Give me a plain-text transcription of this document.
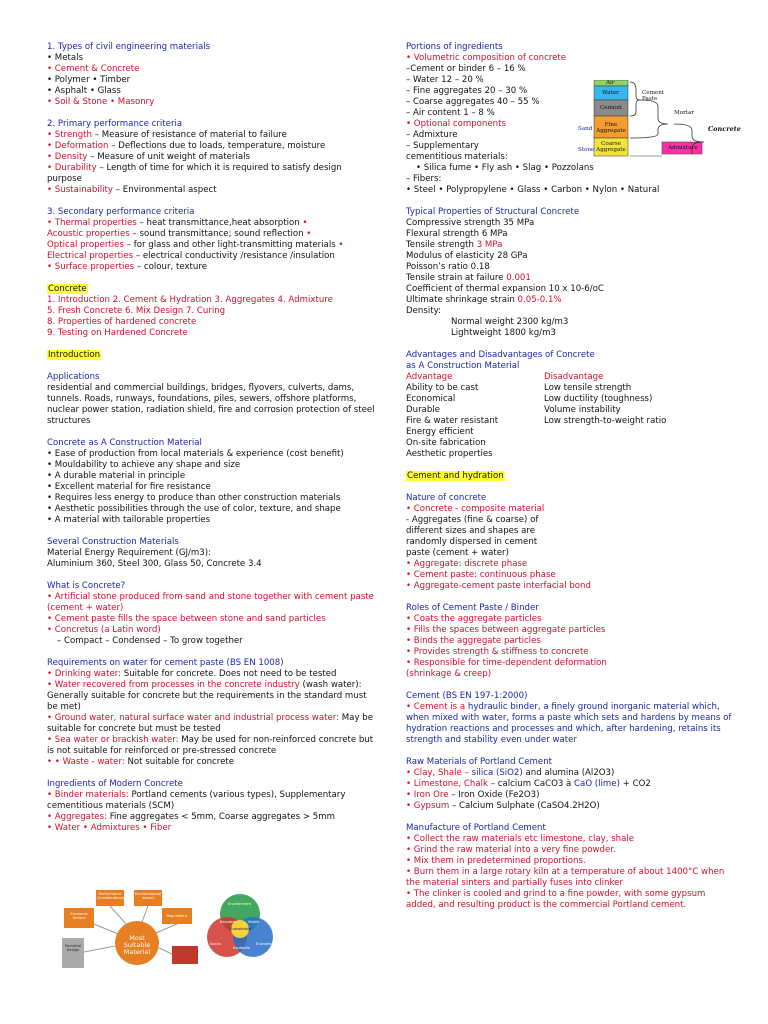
1. Types of civil engineering materials
• Metals
• Cement & Concrete
• Polymer • Timber
• Asphalt • Glass
• Soil & Stone • Masonry
2. Primary performance criteria
• Strength – Measure of resistance of material to failure
• Deformation – Deflections due to loads, temperature, moisture
• Density – Measure of unit weight of materials
• Durability – Length of time for which it is required to satisfy design purpose
• Sustainability – Environmental aspect
3. Secondary performance criteria
• Thermal properties – heat transmittance,heat absorption •
Acoustic properties – sound transmittance; sound reflection •
Optical properties – for glass and other light-transmitting materials •
Electrical properties – electrical conductivity /resistance /insulation
• Surface properties – colour, texture
Concrete
1. Introduction 2. Cement & Hydration 3. Aggregates 4. Admixture
5. Fresh Concrete 6. Mix Design 7. Curing
8. Properties of hardened concrete
9. Testing on Hardened Concrete
Introduction
Applications
residential and commercial buildings, bridges, flyovers, culverts, dams, tunnels. Roads, runways, foundations, piles, sewers, offshore platforms, nuclear power station, radiation shield, fire and corrosion protection of steel structures
Concrete as A Construction Material
• Ease of production from local materials & experience (cost benefit)
• Mouldability to achieve any shape and size
• A durable material in principle
• Excellent material for fire resistance
• Requires less energy to produce than other construction materials
• Aesthetic possibilities through the use of color, texture, and shape
• A material with tailorable properties
Several Construction Materials
Material Energy Requirement (GJ/m3):
Aluminium 360, Steel 300, Glass 50, Concrete 3.4
What is Concrete?
• Artificial stone produced from sand and stone together with cement paste (cement + water)
• Cement paste fills the space between stone and sand particles
• Concretus (a Latin word)
– Compact – Condensed – To grow together
Requirements on water for cement paste (BS EN 1008)
• Drinking water: Suitable for concrete. Does not need to be tested
• Water recovered from processes in the concrete industry (wash water): Generally suitable for concrete but the requirements in the standard must be met)
• Ground water, natural surface water and industrial process water: May be suitable for concrete but must be tested
• Sea water or brackish water: May be used for non-reinforced concrete but is not suitable for reinforced or pre-stressed concrete
• • Waste - water: Not suitable for concrete
Ingredients of Modern Concrete
• Binder materials: Portland cements (various types), Supplementary cementitious materials (SCM)
• Aggregates: Fine aggregates < 5mm, Coarse aggregates > 5mm
• Water • Admixtures • Fiber
Most
Suitable
Material
Portions of ingredients
• Volumetric composition of concrete
–Cement or binder 6 – 16 %
– Water 12 – 20 %
– Fine aggregates 20 – 30 %
– Coarse aggregates 40 – 55 %
– Air content 1 – 8 %
• Optional components
– Admixture
– Supplementary
cementitious materials:
• Silica fume • Fly ash • Slag • Pozzolans
– Fibers:
• Steel • Polypropylene • Glass • Carbon • Nylon • Natural
Typical Properties of Structural Concrete
Compressive strength 35 MPa
Flexural strength 6 MPa
Tensile strength 3 MPa
Modulus of elasticity 28 GPa
Poisson’s ratio 0.18
Tensile strain at failure 0.001
Coefficient of thermal expansion 10 x 10-6/oC
Ultimate shrinkage strain 0.05-0.1%
Density:
Normal weight 2300 kg/m3
Lightweight 1800 kg/m3
Advantages and Disadvantages of Concrete
as A Construction Material
Advantage	Disadvantage
Ability to be cast	Low tensile strength
Economical	Low ductility (toughness)
Durable	Volume instability
Fire & water resistant	Low strength-to-weight ratio
Energy efficient	
On-site fabrication	
Aesthetic properties	
Cement and hydration
Nature of concrete
• Concrete - composite material
- Aggregates (fine & coarse) of
different sizes and shapes are
randomly dispersed in cement
paste (cement + water)
• Aggregate: discrete phase
• Cement paste: continuous phase
• Aggregate-cement paste interfacial bond
Roles of Cement Paste / Binder
• Coats the aggregate particles
• Fills the spaces between aggregate particles
• Binds the aggregate particles
• Provides strength & stiffness to concrete
• Responsible for time-dependent deformation
(shrinkage & creep)
Cement (BS EN 197-1:2000)
• Cement is a hydraulic binder, a finely ground inorganic material which, when mixed with water, forms a paste which sets and hardens by means of hydration reactions and processes and which, after hardening, retains its strength and stability even under water
Raw Materials of Portland Cement
• Clay, Shale – silica (SiO2) and alumina (Al2O3)
• Limestone, Chalk – calcium CaCO3 à CaO (lime) + CO2
• Iron Ore – Iron Oxide (Fe2O3)
• Gypsum – Calcium Sulphate (CaSO4.2H2O)
Manufacture of Portland Cement
• Collect the raw materials etc limestone, clay, shale
• Grind the raw material into a very fine powder.
• Mix them in predetermined proportions.
• Burn them in a large rotary kiln at a temperature of about 1400°C when the material sinters and partially fuses into clinker
• The clinker is cooled and grind to a fine powder, with some gypsum added, and resulting product is the commercial Portland cement.
Air
Water
Cement
Fine Aggregate
Coarse Aggregate	Admixture
Sand
Stone
Cement Paste
Mortar
Concrete
Performance Considerations
Environmental Impact
Regulations
Economic Factors
Technical Design
Environment
Social	Economic
Sustainable
Bearable	Viable
Equitable
